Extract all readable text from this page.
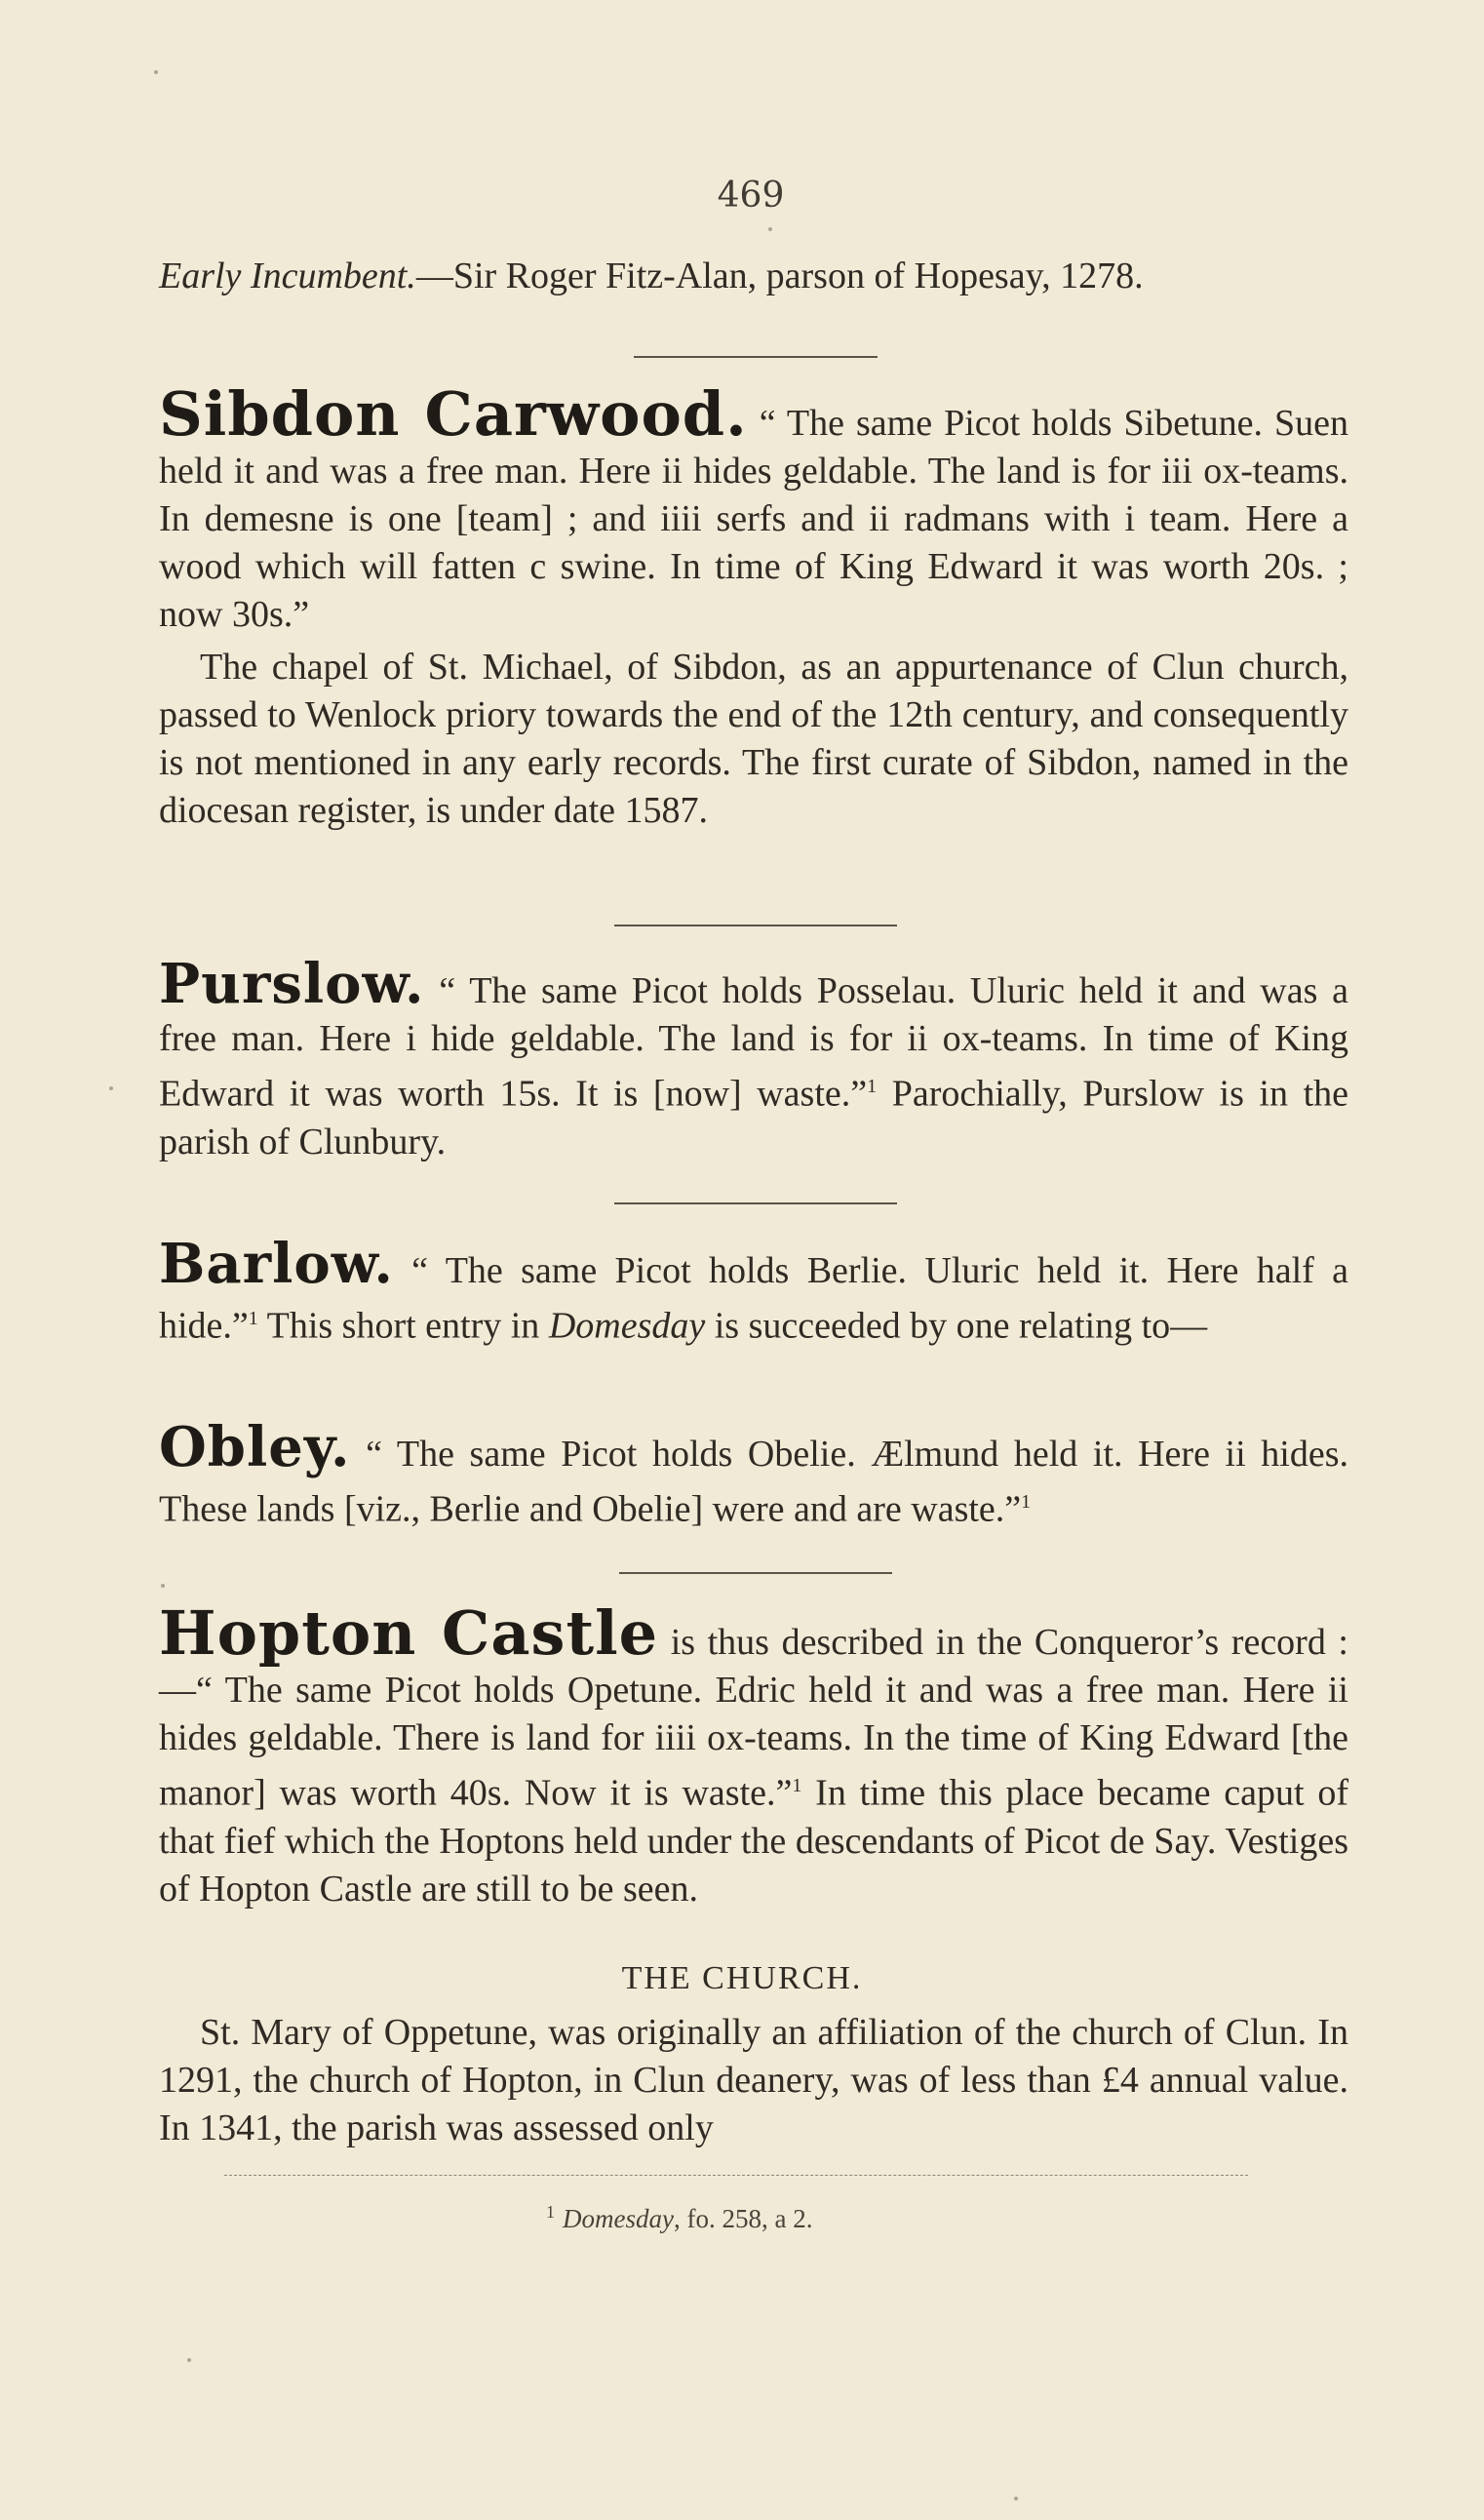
469
Early Incumbent.—Sir Roger Fitz-Alan, parson of Hopesay, 1278.
Sibdon Carwood. “ The same Picot holds Sibetune. Suen held it and was a free man. Here ii hides geldable. The land is for iii ox-teams. In demesne is one [team] ; and iiii serfs and ii radmans with i team. Here a wood which will fatten c swine. In time of King Edward it was worth 20s. ; now 30s.”
The chapel of St. Michael, of Sibdon, as an appurtenance of Clun church, passed to Wenlock priory towards the end of the 12th century, and consequently is not mentioned in any early records. The first curate of Sibdon, named in the diocesan register, is under date 1587.
Purslow. “ The same Picot holds Posselau. Uluric held it and was a free man. Here i hide geldable. The land is for ii ox-teams. In time of King Edward it was worth 15s. It is [now] waste.”$^1$ Parochially, Purslow is in the parish of Clunbury.
Barlow. “ The same Picot holds Berlie. Uluric held it. Here half a hide.”$^1$ This short entry in Domesday is succeeded by one relating to—
Obley. “ The same Picot holds Obelie. Ælmund held it. Here ii hides. These lands [viz., Berlie and Obelie] were and are waste.”$^1$
Hopton Castle is thus described in the Conqueror’s record :—“ The same Picot holds Opetune. Edric held it and was a free man. Here ii hides geldable. There is land for iiii ox-teams. In the time of King Edward [the manor] was worth 40s. Now it is waste.”$^1$ In time this place became caput of that fief which the Hoptons held under the descendants of Picot de Say. Vestiges of Hopton Castle are still to be seen.
THE CHURCH.
St. Mary of Oppetune, was originally an affiliation of the church of Clun. In 1291, the church of Hopton, in Clun deanery, was of less than £4 annual value. In 1341, the parish was assessed only
$^1$ Domesday, fo. 258, a 2.
